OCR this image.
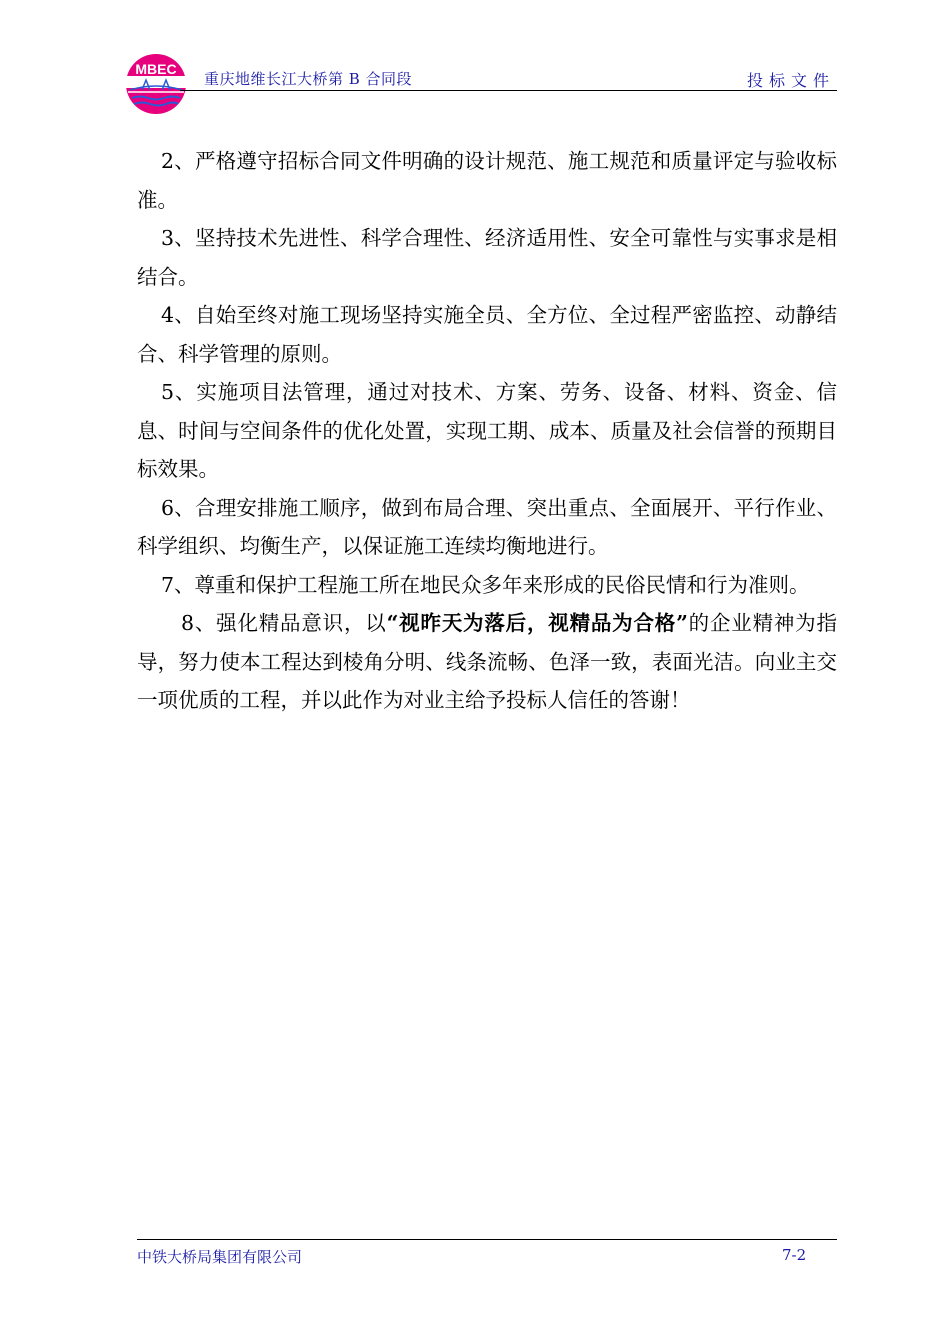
MBEC
重庆地维长江大桥第 B 合同段	投标文件

2、严格遵守招标合同文件明确的设计规范、施工规范和质量评定与验收标准。

3、坚持技术先进性、科学合理性、经济适用性、安全可靠性与实事求是相结合。

4、自始至终对施工现场坚持实施全员、全方位、全过程严密监控、动静结合、科学管理的原则。

5、实施项目法管理，通过对技术、方案、劳务、设备、材料、资金、信息、时间与空间条件的优化处置，实现工期、成本、质量及社会信誉的预期目标效果。

6、合理安排施工顺序，做到布局合理、突出重点、全面展开、平行作业、科学组织、均衡生产，以保证施工连续均衡地进行。

7、尊重和保护工程施工所在地民众多年来形成的民俗民情和行为准则。

8、强化精品意识，以“视昨天为落后，视精品为合格”的企业精神为指导，努力使本工程达到棱角分明、线条流畅、色泽一致，表面光洁。向业主交一项优质的工程，并以此作为对业主给予投标人信任的答谢！

中铁大桥局集团有限公司	7-2
